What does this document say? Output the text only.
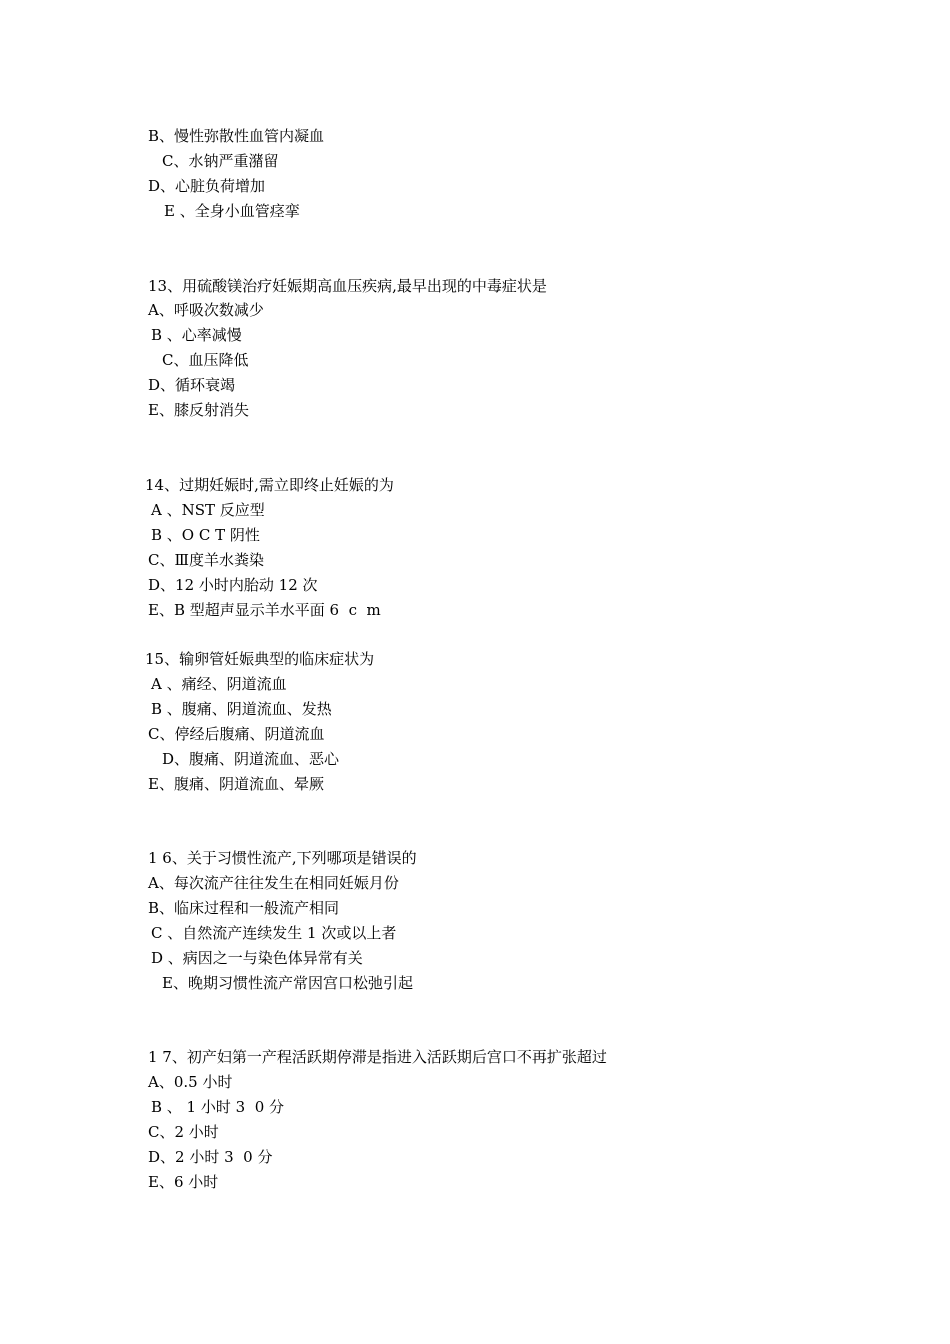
B、慢性弥散性血管内凝血
C、水钠严重潴留
D、心脏负荷增加
E 、全身小血管痉挛
13、用硫酸镁治疗妊娠期高血压疾病,最早出现的中毒症状是
A、呼吸次数减少
B 、心率减慢
C、血压降低
D、循环衰竭
E、膝反射消失
14、过期妊娠时,需立即终止妊娠的为
A 、NST 反应型
B 、O C T 阴性
C、Ⅲ度羊水粪染
D、12 小时内胎动 12 次
E、B 型超声显示羊水平面 6  c  m
15、输卵管妊娠典型的临床症状为
A 、痛经、阴道流血
B 、腹痛、阴道流血、发热
C、停经后腹痛、阴道流血
D、腹痛、阴道流血、恶心
E、腹痛、阴道流血、晕厥
1 6、关于习惯性流产,下列哪项是错误的
A、每次流产往往发生在相同妊娠月份
B、临床过程和一般流产相同
C 、自然流产连续发生 1 次或以上者
D 、病因之一与染色体异常有关
E、晚期习惯性流产常因宫口松弛引起
1 7、初产妇第一产程活跃期停滞是指进入活跃期后宫口不再扩张超过
A、0.5 小时
B 、 1 小时 3  0 分
C、2 小时
D、2 小时 3  0 分
E、6 小时
